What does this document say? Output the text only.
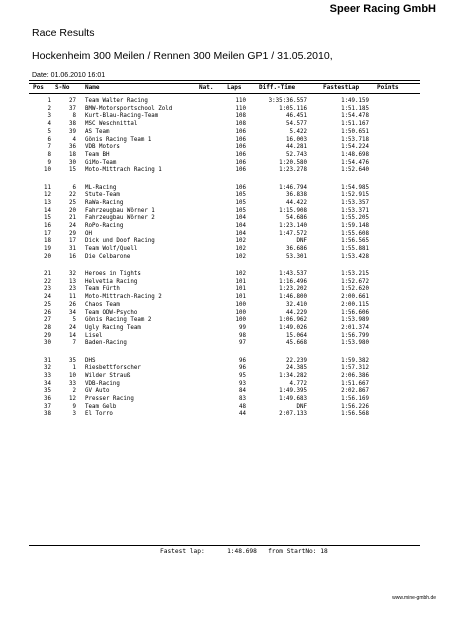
Speer Racing GmbH
Race Results
Hockenheim 300 Meilen / Rennen 300 Meilen GP1 / 31.05.2010,
Date: 01.06.2010 16:01
Pos S-No	Name	Nat. Laps	Diff.-Time	FastestLap	Points
1	27 Team Walter Racing	110	3:35:36.557	1:49.159
2	37 BMW-Motorsportschool Zold	110	1:05.116	1:51.185
3	8 Kurt-Blau-Racing-Team	108	46.451	1:54.478
4	38 MSC Weschnittal	108	54.577	1:51.167
5	39 AS Team	106	5.422	1:50.651
6	4 Gönis Racing Team 1	106	16.003	1:53.718
7	36 VDB Motors	106	44.281	1:54.224
8	18 Team BH	106	52.743	1:48.698
9	30 GiMo-Team	106	1:20.580	1:54.476
10	15 Moto-Mittrach Racing 1	106	1:23.278	1:52.640
11	6 ML-Racing	106	1:46.794	1:54.985
12	22 Stute-Team	105	36.838	1:52.915
13	25 RaWa-Racing	105	44.422	1:53.357
14	20 Fahrzeugbau Wörner 1	105	1:15.908	1:53.371
15	21 Fahrzeugbau Wörner 2	104	54.686	1:55.205
16	24 RoPo-Racing	104	1:23.140	1:59.148
17	29 OH	104	1:47.572	1:55.608
18	17 Dick und Doof Racing	102	DNF	1:56.565
19	31 Team Wolf/Quell	102	36.686	1:55.881
20	16 Die Celbarone	102	53.301	1:53.428
21	32 Heroes in Tights	102	1:43.537	1:53.215
22	13 Helvetia Racing	101	1:16.496	1:52.672
23	23 Team Fürth	101	1:23.202	1:52.620
24	11 Moto-Mittrach-Racing 2	101	1:46.800	2:00.661
25	26 Chaos Team	100	32.410	2:00.115
26	34 Team ODW-Psycho	100	44.229	1:56.606
27	5 Gönis Racing Team 2	100	1:06.962	1:53.989
28	24 Ugly Racing Team	99	1:49.026	2:01.374
29	14 Lisel	98	15.064	1:56.799
30	7 Baden-Racing	97	45.668	1:53.980
31	35 DHS	96	22.239	1:59.382
32	1 Riesbettforscher	96	24.385	1:57.312
33	10 Wilder Strauß	95	1:34.282	2:06.386
34	33 VDB-Racing	93	4.772	1:51.667
35	2 GV Auto	84	1:49.395	2:02.867
36	12 Presser Racing	83	1:49.683	1:56.169
37	9 Team Gelb	48	DNF	1:56.226
38	3 El Torro	44	2:07.133	1:56.568
Fastest lap:	1:48.698 from StartNo: 18
www.mine-gmbh.de
